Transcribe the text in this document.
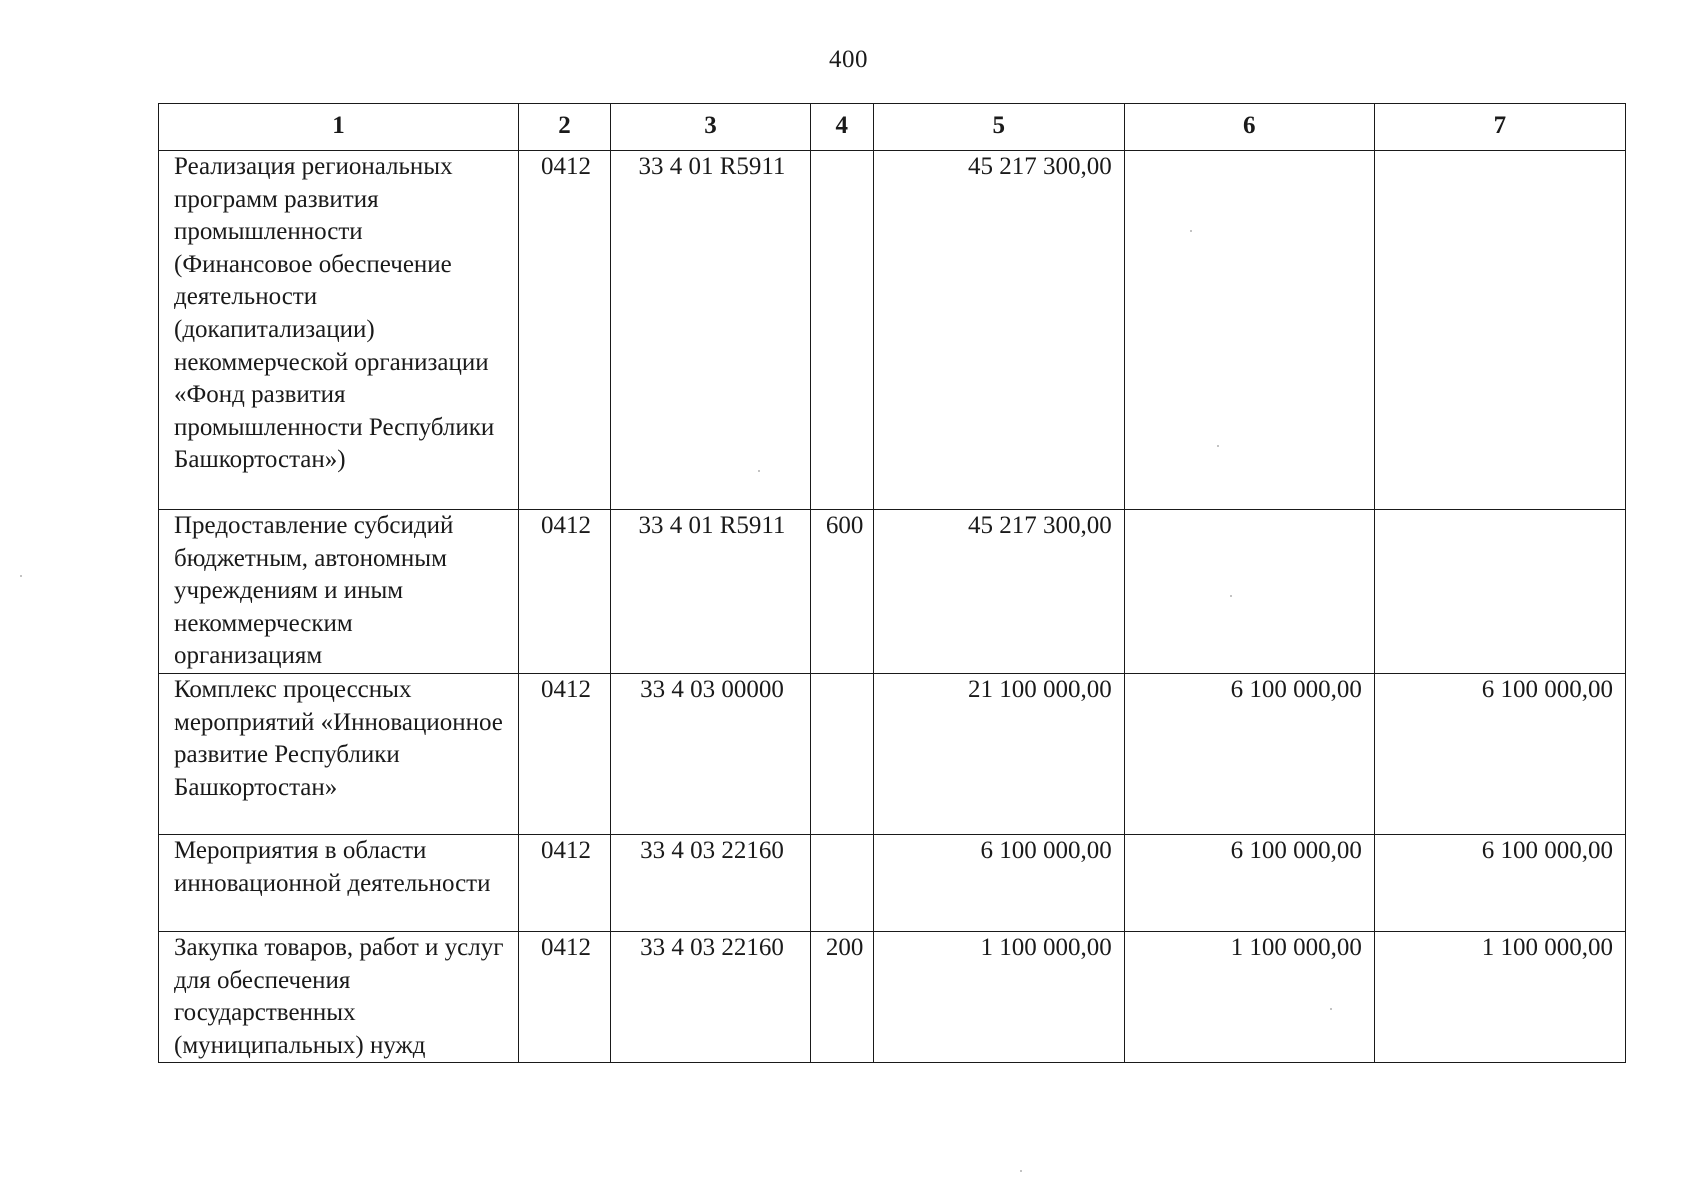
400
1	2	3	4	5	6	7
Реализация региональных программ развития промышленности (Финансовое обеспечение деятельности (докапитализации) некоммерческой организации «Фонд развития промышленности Республики Башкортостан»)	0412	33 4 01 R5911		45 217 300,00		
Предоставление субсидий бюджетным, автономным учреждениям и иным некоммерческим организациям	0412	33 4 01 R5911	600	45 217 300,00		
Комплекс процессных мероприятий «Инновационное развитие Республики Башкортостан»	0412	33 4 03 00000		21 100 000,00	6 100 000,00	6 100 000,00
Мероприятия в области инновационной деятельности	0412	33 4 03 22160		6 100 000,00	6 100 000,00	6 100 000,00
Закупка товаров, работ и услуг для обеспечения государственных (муниципальных) нужд	0412	33 4 03 22160	200	1 100 000,00	1 100 000,00	1 100 000,00
